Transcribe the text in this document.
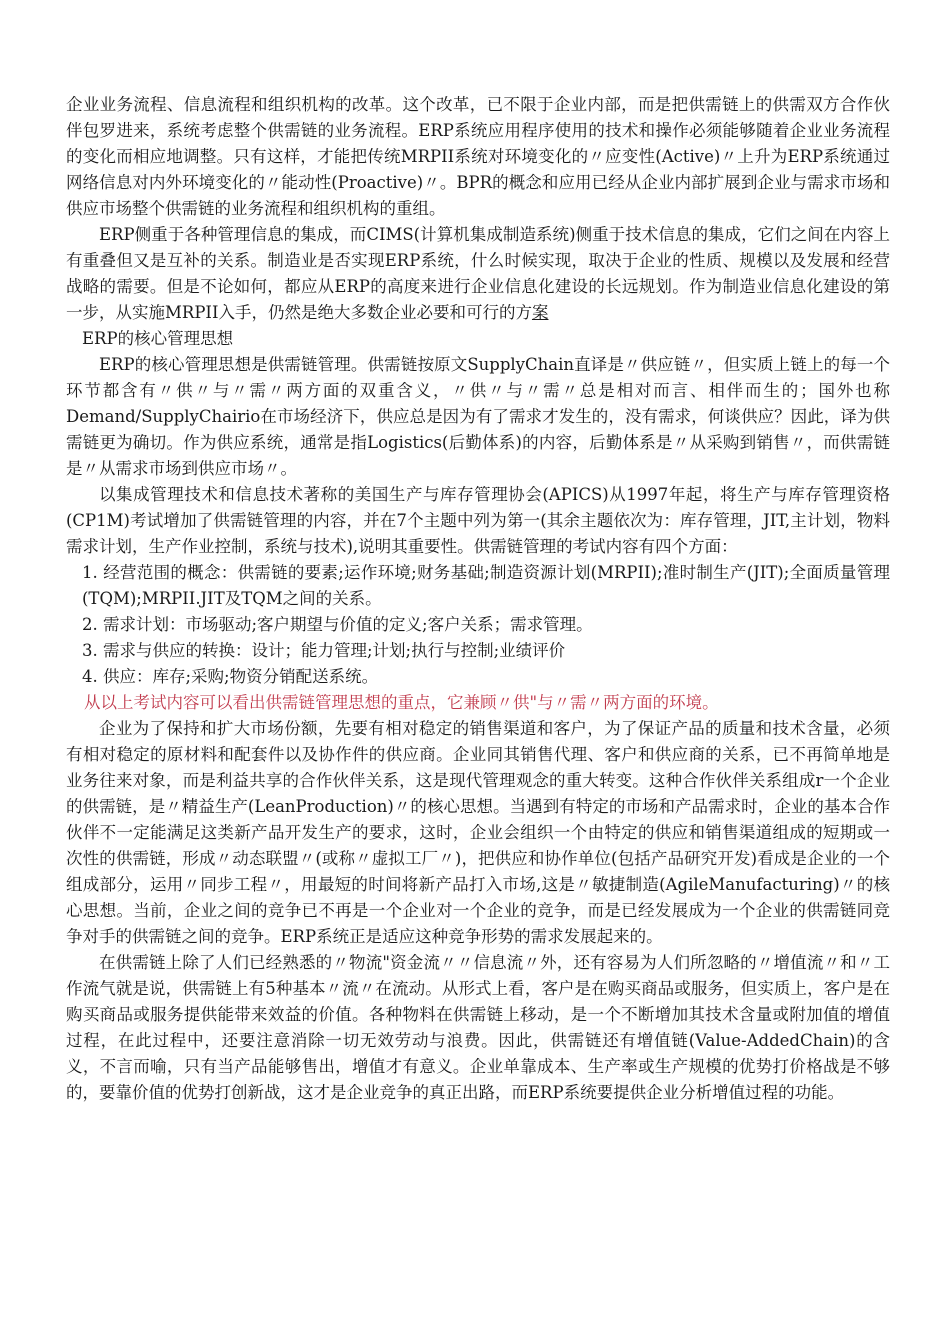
企业业务流程、信息流程和组织机构的改革。这个改革，已不限于企业内部，而是把供需链上的供需双方合作伙伴包罗进来，系统考虑整个供需链的业务流程。ERP系统应用程序使用的技术和操作必须能够随着企业业务流程的变化而相应地调整。只有这样，才能把传统MRPII系统对环境变化的〃应变性(Active)〃上升为ERP系统通过网络信息对内外环境变化的〃能动性(Proactive)〃。BPR的概念和应用已经从企业内部扩展到企业与需求市场和供应市场整个供需链的业务流程和组织机构的重组。

ERP侧重于各种管理信息的集成，而CIMS(计算机集成制造系统)侧重于技术信息的集成，它们之间在内容上有重叠但又是互补的关系。制造业是否实现ERP系统，什么时候实现，取决于企业的性质、规模以及发展和经营战略的需要。但是不论如何，都应从ERP的高度来进行企业信息化建设的长远规划。作为制造业信息化建设的第一步，从实施MRPII入手，仍然是绝大多数企业必要和可行的方案

ERP的核心管理思想

ERP的核心管理思想是供需链管理。供需链按原文SupplyChain直译是〃供应链〃，但实质上链上的每一个环节都含有〃供〃与〃需〃两方面的双重含义，〃供〃与〃需〃总是相对而言、相伴而生的；国外也称Demand/SupplyChairio在市场经济下，供应总是因为有了需求才发生的，没有需求，何谈供应？因此，译为供需链更为确切。作为供应系统，通常是指Logistics(后勤体系)的内容，后勤体系是〃从采购到销售〃，而供需链是〃从需求市场到供应市场〃。

以集成管理技术和信息技术著称的美国生产与库存管理协会(APICS)从1997年起，将生产与库存管理资格(CP1M)考试增加了供需链管理的内容，并在7个主题中列为第一(其余主题依次为：库存管理，JIT,主计划，物料需求计划，生产作业控制，系统与技术),说明其重要性。供需链管理的考试内容有四个方面：

1. 经营范围的概念：供需链的要素;运作环境;财务基础;制造资源计划(MRPII);准时制生产(JIT);全面质量管理(TQM);MRPII.JIT及TQM之间的关系。

2. 需求计划：市场驱动;客户期望与价值的定义;客户关系；需求管理。

3. 需求与供应的转换：设计；能力管理;计划;执行与控制;业绩评价

4. 供应：库存;采购;物资分销配送系统。

从以上考试内容可以看出供需链管理思想的重点，它兼顾〃供"与〃需〃两方面的环境。

企业为了保持和扩大市场份额，先要有相对稳定的销售渠道和客户，为了保证产品的质量和技术含量，必须有相对稳定的原材料和配套件以及协作件的供应商。企业同其销售代理、客户和供应商的关系，已不再简单地是业务往来对象，而是利益共享的合作伙伴关系，这是现代管理观念的重大转变。这种合作伙伴关系组成r一个企业的供需链，是〃精益生产(LeanProduction)〃的核心思想。当遇到有特定的市场和产品需求时，企业的基本合作伙伴不一定能满足这类新产品开发生产的要求，这时，企业会组织一个由特定的供应和销售渠道组成的短期或一次性的供需链，形成〃动态联盟〃(或称〃虚拟工厂〃)，把供应和协作单位(包括产品研究开发)看成是企业的一个组成部分，运用〃同步工程〃，用最短的时间将新产品打入市场,这是〃敏捷制造(AgileManufacturing)〃的核心思想。当前，企业之间的竞争已不再是一个企业对一个企业的竞争，而是已经发展成为一个企业的供需链同竞争对手的供需链之间的竞争。ERP系统正是适应这种竞争形势的需求发展起来的。

在供需链上除了人们已经熟悉的〃物流"资金流〃〃信息流〃外，还有容易为人们所忽略的〃增值流〃和〃工作流气就是说，供需链上有5种基本〃流〃在流动。从形式上看，客户是在购买商品或服务，但实质上，客户是在购买商品或服务提供能带来效益的价值。各种物料在供需链上移动，是一个不断增加其技术含量或附加值的增值过程，在此过程中，还要注意消除一切无效劳动与浪费。因此，供需链还有增值链(Value-AddedChain)的含义，不言而喻，只有当产品能够售出，增值才有意义。企业单靠成本、生产率或生产规模的优势打价格战是不够的，要靠价值的优势打创新战，这才是企业竞争的真正出路，而ERP系统要提供企业分析增值过程的功能。
